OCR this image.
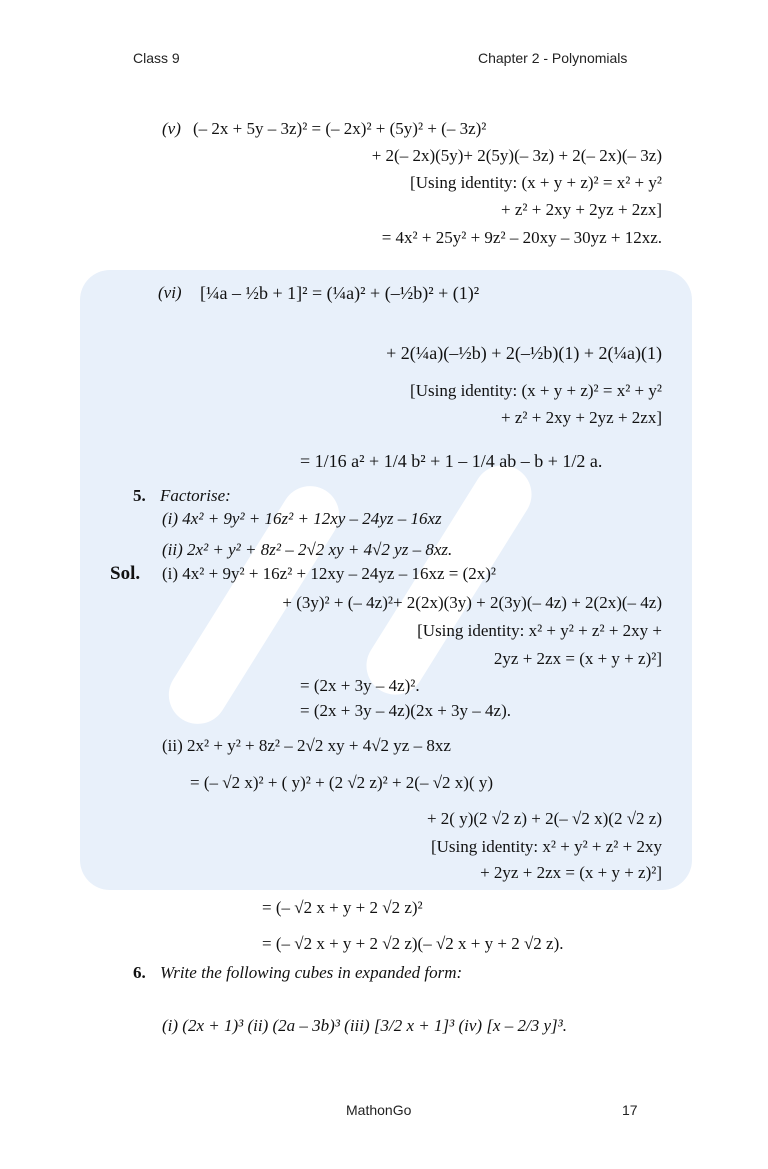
Class 9	Chapter 2 - Polynomials
(v) (– 2x + 5y – 3z)² = (– 2x)² + (5y)² + (– 3z)²
+ 2(– 2x)(5y)+ 2(5y)(– 3z) + 2(– 2x)(– 3z)
[Using identity: (x + y + z)² = x² + y²
+ z² + 2xy + 2yz + 2zx]
= 4x² + 25y² + 9z² – 20xy – 30yz + 12xz.
(vi) [¼a – ½b + 1]² = (¼a)² + (–½b)² + (1)²
+ 2(¼a)(–½b) + 2(–½b)(1) + 2(¼a)(1)
[Using identity: (x + y + z)² = x² + y²
+ z² + 2xy + 2yz + 2zx]
= 1/16 a² + 1/4 b² + 1 – 1/4 ab – b + 1/2 a.
5. Factorise:
(i) 4x² + 9y² + 16z² + 12xy – 24yz – 16xz
(ii) 2x² + y² + 8z² – 2√2 xy + 4√2 yz – 8xz.
Sol. (i) 4x² + 9y² + 16z² + 12xy – 24yz – 16xz = (2x)²
+ (3y)² + (– 4z)²+ 2(2x)(3y) + 2(3y)(– 4z) + 2(2x)(– 4z)
[Using identity: x² + y² + z² + 2xy +
2yz + 2zx = (x + y + z)²]
= (2x + 3y – 4z)².
= (2x + 3y – 4z)(2x + 3y – 4z).
(ii) 2x² + y² + 8z² – 2√2 xy + 4√2 yz – 8xz
= (– √2 x)² + ( y)² + (2 √2 z)² + 2(– √2 x)( y)
+ 2( y)(2 √2 z) + 2(– √2 x)(2 √2 z)
[Using identity: x² + y² + z² + 2xy
+ 2yz + 2zx = (x + y + z)²]
= (– √2 x + y + 2 √2 z)²
= (– √2 x + y + 2 √2 z)(– √2 x + y + 2 √2 z).
6. Write the following cubes in expanded form:
(i) (2x + 1)³ (ii) (2a – 3b)³ (iii) [3/2 x + 1]³ (iv) [x – 2/3 y]³.
MathonGo	17
